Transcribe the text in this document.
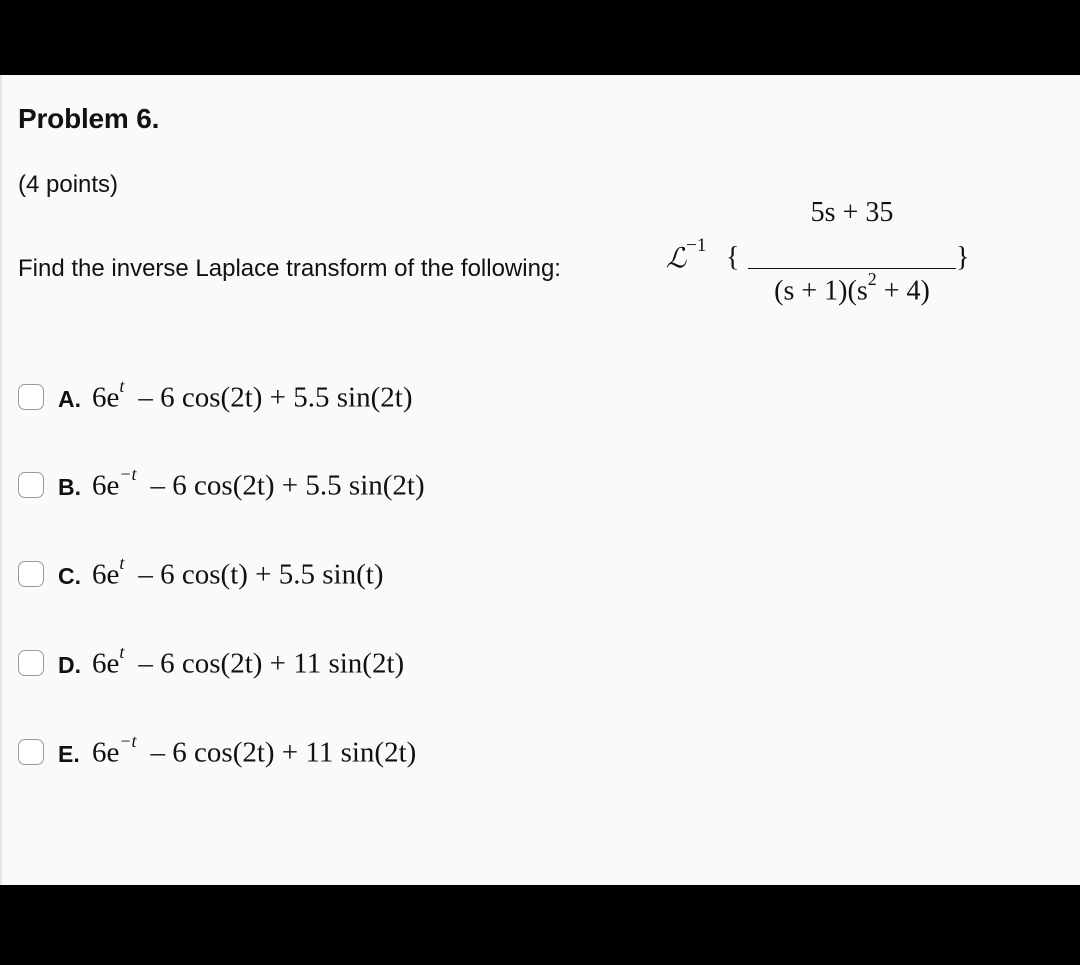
Problem 6.
(4 points)
Find the inverse Laplace transform of the following:	ℒ$^{-1}$ {
5s + 35
$(s + 1)(s^2 + 4)$
}
A. $6e^t - 6$ cos(2t) + 5.5 sin(2t)
B. $6e^{-t} - 6$ cos(2t) + 5.5 sin(2t)
C. $6e^t - 6$ cos(t) + 5.5 sin(t)
D. $6e^t - 6$ cos(2t) + 11 sin(2t)
E. $6e^{-t} - 6$ cos(2t) + 11 sin(2t)
